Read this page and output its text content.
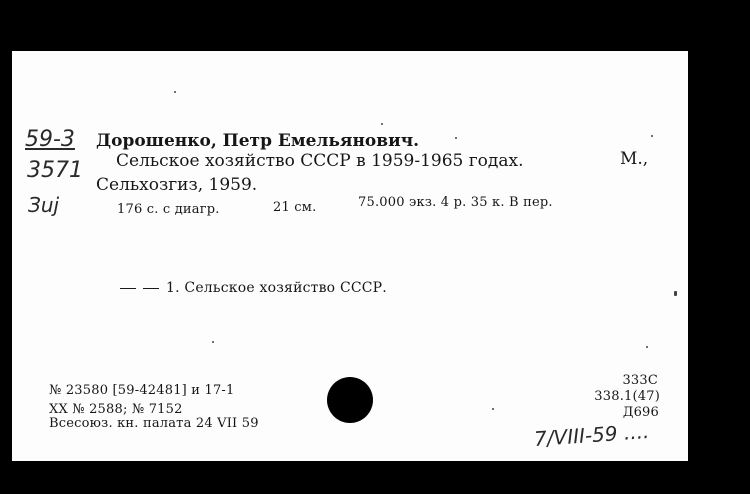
59-3
3571
Зuj
Дорошенко, Петр Емельянович.
Сельское хозяйство СССР в 1959-1965 годах.	М.,
Сельхозгиз, 1959.
176 с. с диагр.	21 см.	75.000 экз. 4 р. 35 к. В пер.
1. Сельское хозяйство СССР.
№ 23580 [59-42481] и 17-1
XX № 2588; № 7152
Всесоюз. кн. палата 24 VII 59
333С
338.1(47)
Д696
7/VIII-59 ....
